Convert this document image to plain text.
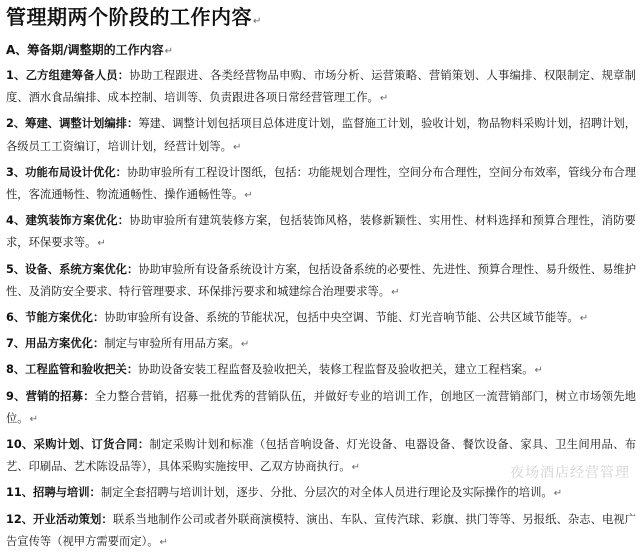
管理期两个阶段的工作内容↵
A、筹备期/调整期的工作内容↵

1、乙方组建筹备人员：协助工程跟进、各类经营物品申购、市场分析、运营策略、营销策划、人事编排、权限制定、规章制度、酒水食品编排、成本控制、培训等、负责跟进各项日常经营管理工作。↵

2、筹建、调整计划编排：筹建、调整计划包括项目总体进度计划，监督施工计划，验收计划，物品物料采购计划，招聘计划，各级员工工资编订，培训计划，经营计划等。↵

3、功能布局设计优化：协助审验所有工程设计图纸，包括：功能规划合理性，空间分布合理性，空间分布效率，管线分布合理性，客流通畅性、物流通畅性、操作通畅性等。↵

4、建筑装饰方案优化：协助审验所有建筑装修方案，包括装饰风格，装修新颖性、实用性、材料选择和预算合理性，消防要求，环保要求等。↵

5、设备、系统方案优化：协助审验所有设备系统设计方案，包括设备系统的必要性、先进性、预算合理性、易升级性、易维护性、及消防安全要求、特行管理要求、环保排污要求和城建综合治理要求等。↵

6、节能方案优化：协助审验所有设备、系统的节能状况，包括中央空调、节能、灯光音响节能、公共区域节能等。↵

7、用品方案优化：制定与审验所有用品方案。↵

8、工程监管和验收把关：协助设备安装工程监督及验收把关，装修工程监督及验收把关，建立工程档案。↵

9、营销的招募：全力整合营销，招募一批优秀的营销队伍，并做好专业的培训工作，创地区一流营销部门，树立市场领先地位。↵

10、采购计划、订货合同：制定采购计划和标准（包括音响设备、灯光设备、电器设备、餐饮设备、家具、卫生间用品、布艺、印刷品、艺术陈设品等），具体采购实施按甲、乙双方协商执行。↵

11、招聘与培训：制定全套招聘与培训计划，逐步、分批、分层次的对全体人员进行理论及实际操作的培训。↵

12、开业活动策划：联系当地制作公司或者外联商演模特、演出、车队、宣传汽球、彩旗、拱门等等、另报纸、杂志、电视广告宣传等（视甲方需要而定）。↵

夜场酒店经营管理
